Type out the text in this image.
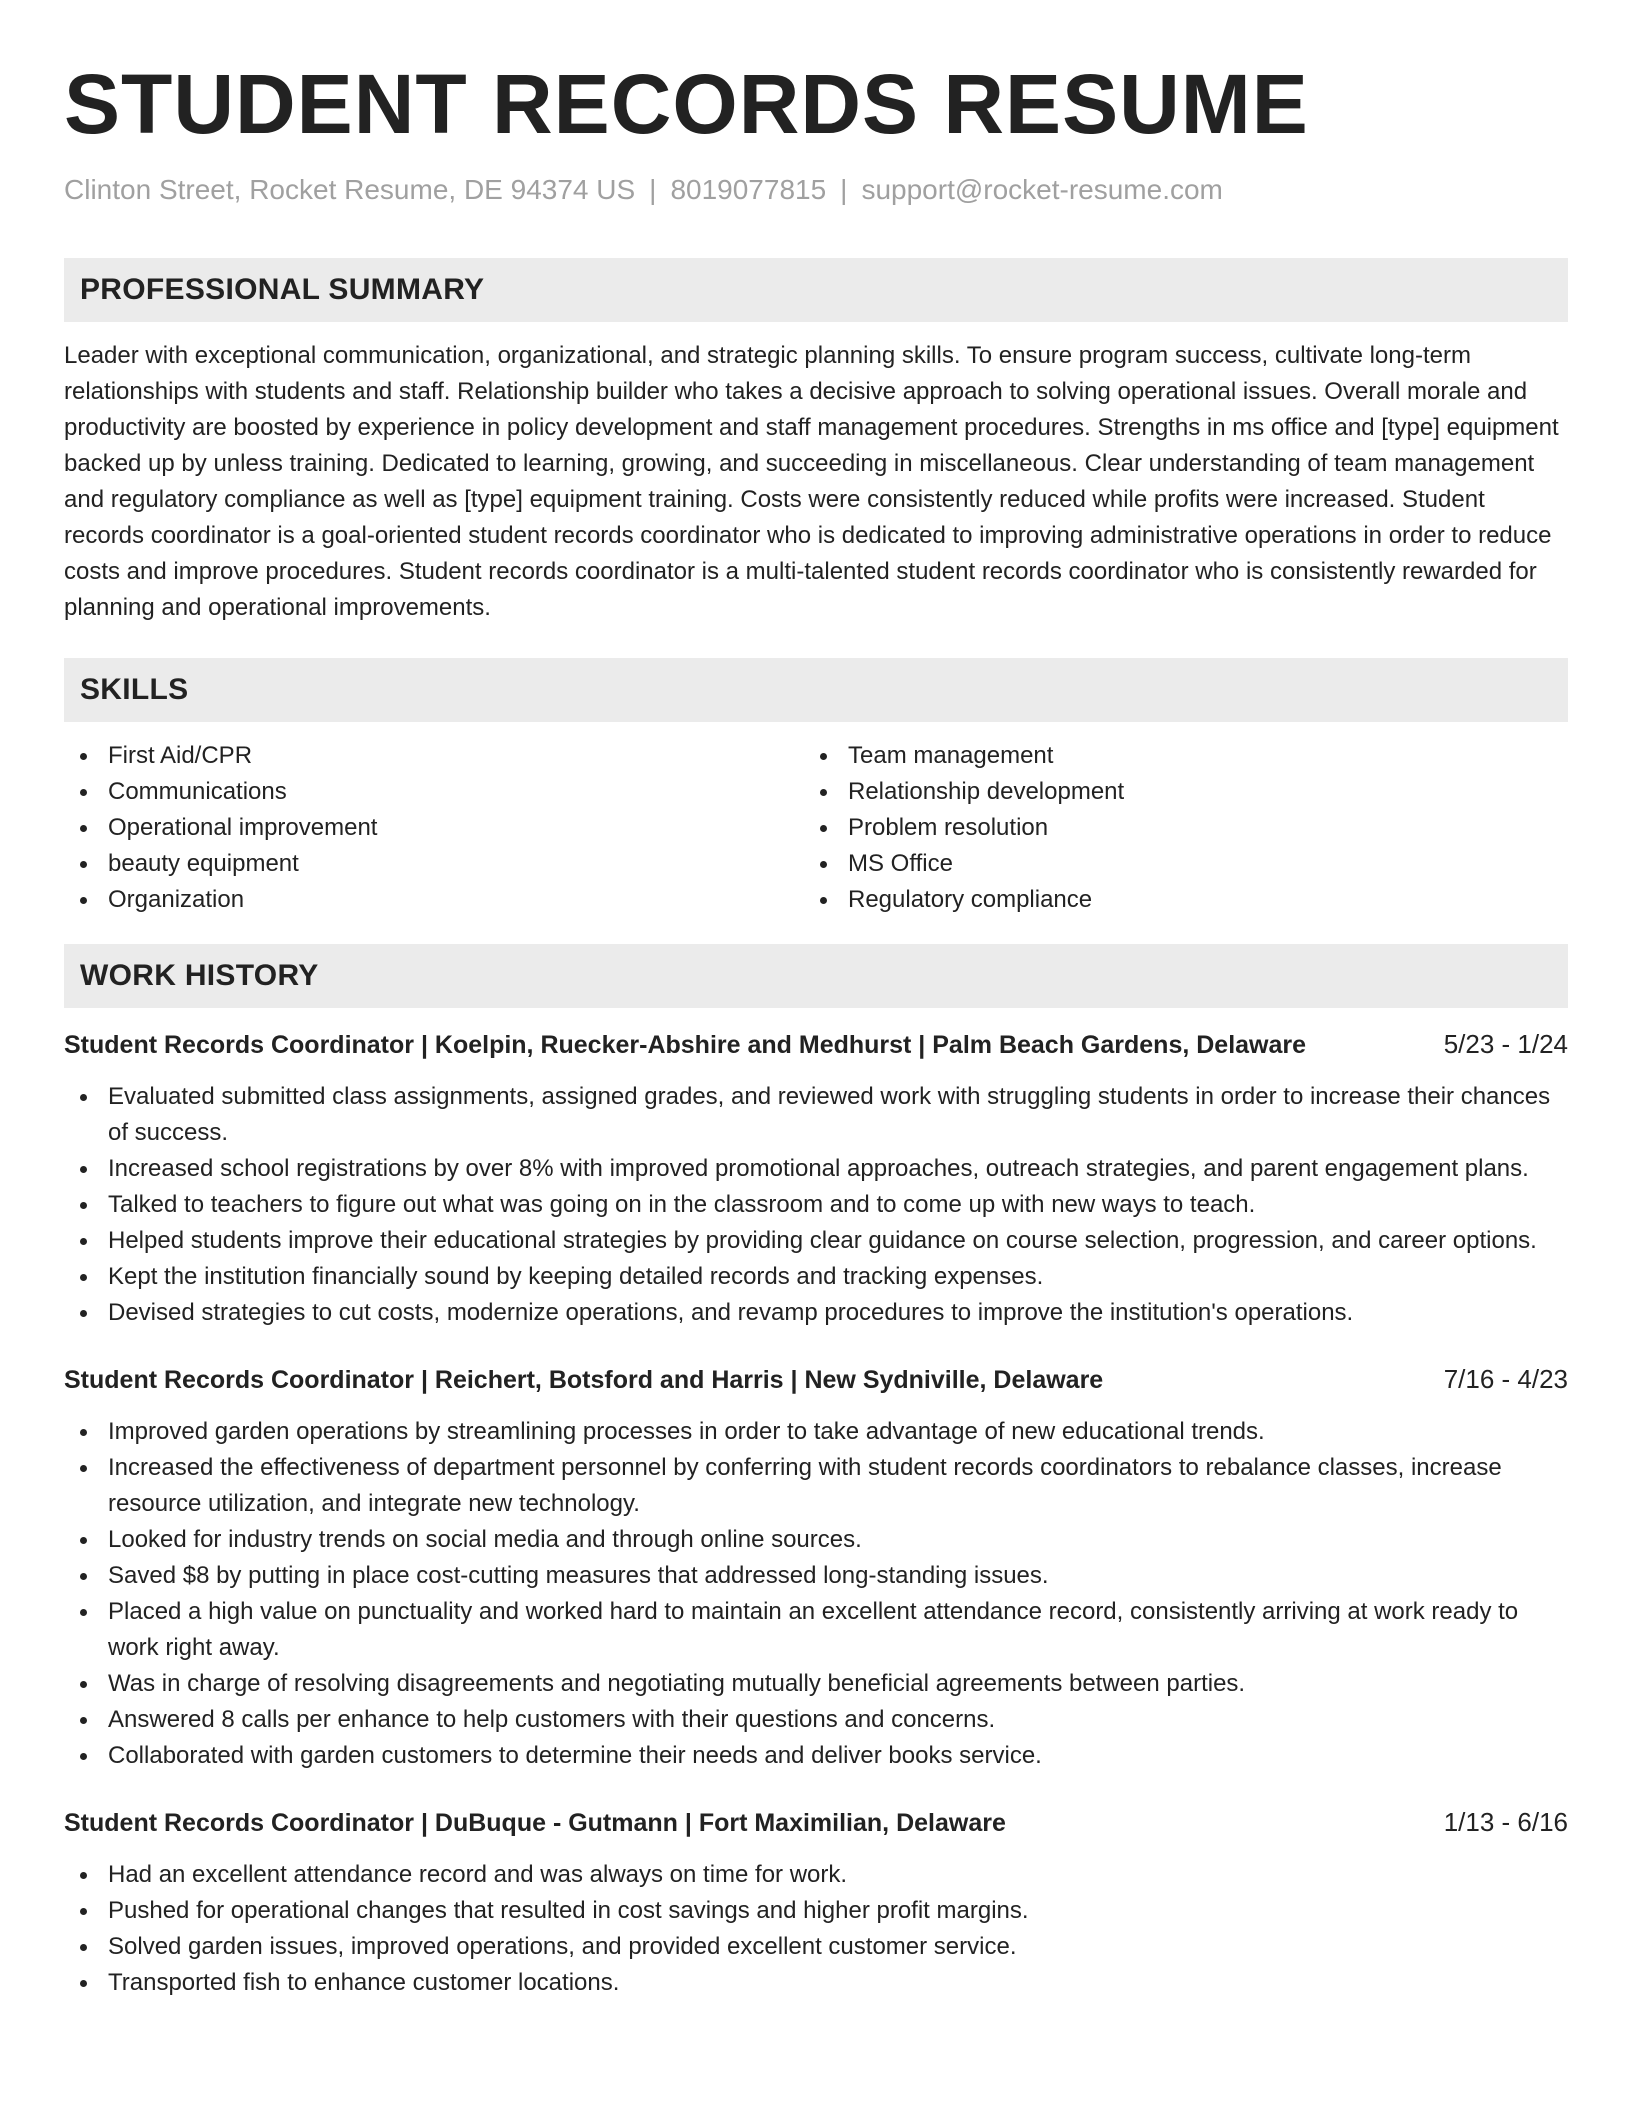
STUDENT RECORDS RESUME
Clinton Street, Rocket Resume, DE 94374 US | 8019077815 | support@rocket-resume.com
PROFESSIONAL SUMMARY
Leader with exceptional communication, organizational, and strategic planning skills. To ensure program success, cultivate long-term relationships with students and staff. Relationship builder who takes a decisive approach to solving operational issues. Overall morale and productivity are boosted by experience in policy development and staff management procedures. Strengths in ms office and [type] equipment backed up by unless training. Dedicated to learning, growing, and succeeding in miscellaneous. Clear understanding of team management and regulatory compliance as well as [type] equipment training. Costs were consistently reduced while profits were increased. Student records coordinator is a goal-oriented student records coordinator who is dedicated to improving administrative operations in order to reduce costs and improve procedures. Student records coordinator is a multi-talented student records coordinator who is consistently rewarded for planning and operational improvements.
SKILLS
First Aid/CPR
Communications
Operational improvement
beauty equipment
Organization
Team management
Relationship development
Problem resolution
MS Office
Regulatory compliance
WORK HISTORY
Student Records Coordinator | Koelpin, Ruecker-Abshire and Medhurst | Palm Beach Gardens, Delaware	5/23 - 1/24
Evaluated submitted class assignments, assigned grades, and reviewed work with struggling students in order to increase their chances of success.
Increased school registrations by over 8% with improved promotional approaches, outreach strategies, and parent engagement plans.
Talked to teachers to figure out what was going on in the classroom and to come up with new ways to teach.
Helped students improve their educational strategies by providing clear guidance on course selection, progression, and career options.
Kept the institution financially sound by keeping detailed records and tracking expenses.
Devised strategies to cut costs, modernize operations, and revamp procedures to improve the institution's operations.
Student Records Coordinator | Reichert, Botsford and Harris | New Sydniville, Delaware	7/16 - 4/23
Improved garden operations by streamlining processes in order to take advantage of new educational trends.
Increased the effectiveness of department personnel by conferring with student records coordinators to rebalance classes, increase resource utilization, and integrate new technology.
Looked for industry trends on social media and through online sources.
Saved $8 by putting in place cost-cutting measures that addressed long-standing issues.
Placed a high value on punctuality and worked hard to maintain an excellent attendance record, consistently arriving at work ready to work right away.
Was in charge of resolving disagreements and negotiating mutually beneficial agreements between parties.
Answered 8 calls per enhance to help customers with their questions and concerns.
Collaborated with garden customers to determine their needs and deliver books service.
Student Records Coordinator | DuBuque - Gutmann | Fort Maximilian, Delaware	1/13 - 6/16
Had an excellent attendance record and was always on time for work.
Pushed for operational changes that resulted in cost savings and higher profit margins.
Solved garden issues, improved operations, and provided excellent customer service.
Transported fish to enhance customer locations.
